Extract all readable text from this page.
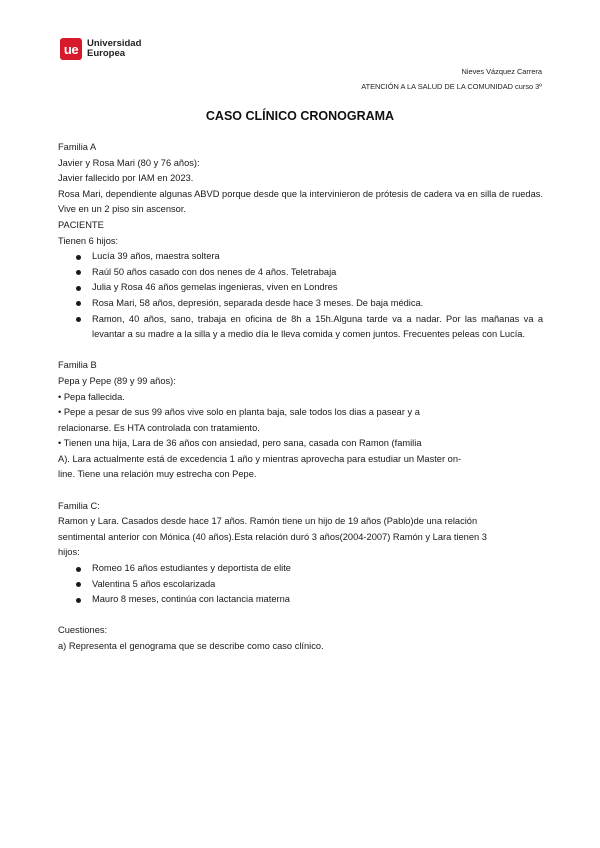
ue Universidad
Europea
Nieves Vázquez Carrera
ATENCIÓN A LA SALUD DE LA COMUNIDAD curso 3º
CASO CLÍNICO CRONOGRAMA

Familia A

Javier y Rosa Mari (80 y 76 años):

Javier fallecido por IAM en 2023.

Rosa Mari, dependiente algunas ABVD porque desde que la intervinieron de prótesis de cadera va en silla de ruedas. Vive en un 2 piso sin ascensor.

PACIENTE

Tienen 6 hijos:

Lucía 39 años, maestra soltera
Raúl 50 años casado con dos nenes de 4 años. Teletrabaja
Julia y Rosa 46 años gemelas ingenieras, viven en Londres
Rosa Mari, 58 años, depresión, separada desde hace 3 meses. De baja médica.
Ramon, 40 años, sano, trabaja en oficina de 8h a 15h.Alguna tarde va a nadar. Por las mañanas va a levantar a su madre a la silla y a medio día le lleva comida y comen juntos. Frecuentes peleas con Lucía.

Familia B

Pepa y Pepe (89 y 99 años):

• Pepa fallecida.

• Pepe a pesar de sus 99 años vive solo en planta baja, sale todos los dias a pasear y a

relacionarse. Es HTA controlada con tratamiento.

• Tienen una hija, Lara de 36 años con ansiedad, pero sana, casada con Ramon (familia

A). Lara actualmente está de excedencia 1 año y mientras aprovecha para estudiar un Master on-

line. Tiene una relación muy estrecha con Pepe.

Familia C:

Ramon y Lara. Casados desde hace 17 años. Ramón tiene un hijo de 19 años (Pablo)de una relación

sentimental anterior con Mónica (40 años).Esta relación duró 3 años(2004-2007) Ramón y Lara tienen 3

hijos:

Romeo 16 años estudiantes y deportista de elite
Valentina 5 años escolarizada
Mauro 8 meses, continúa con lactancia materna

Cuestiones:

a) Representa el genograma que se describe como caso clínico.
